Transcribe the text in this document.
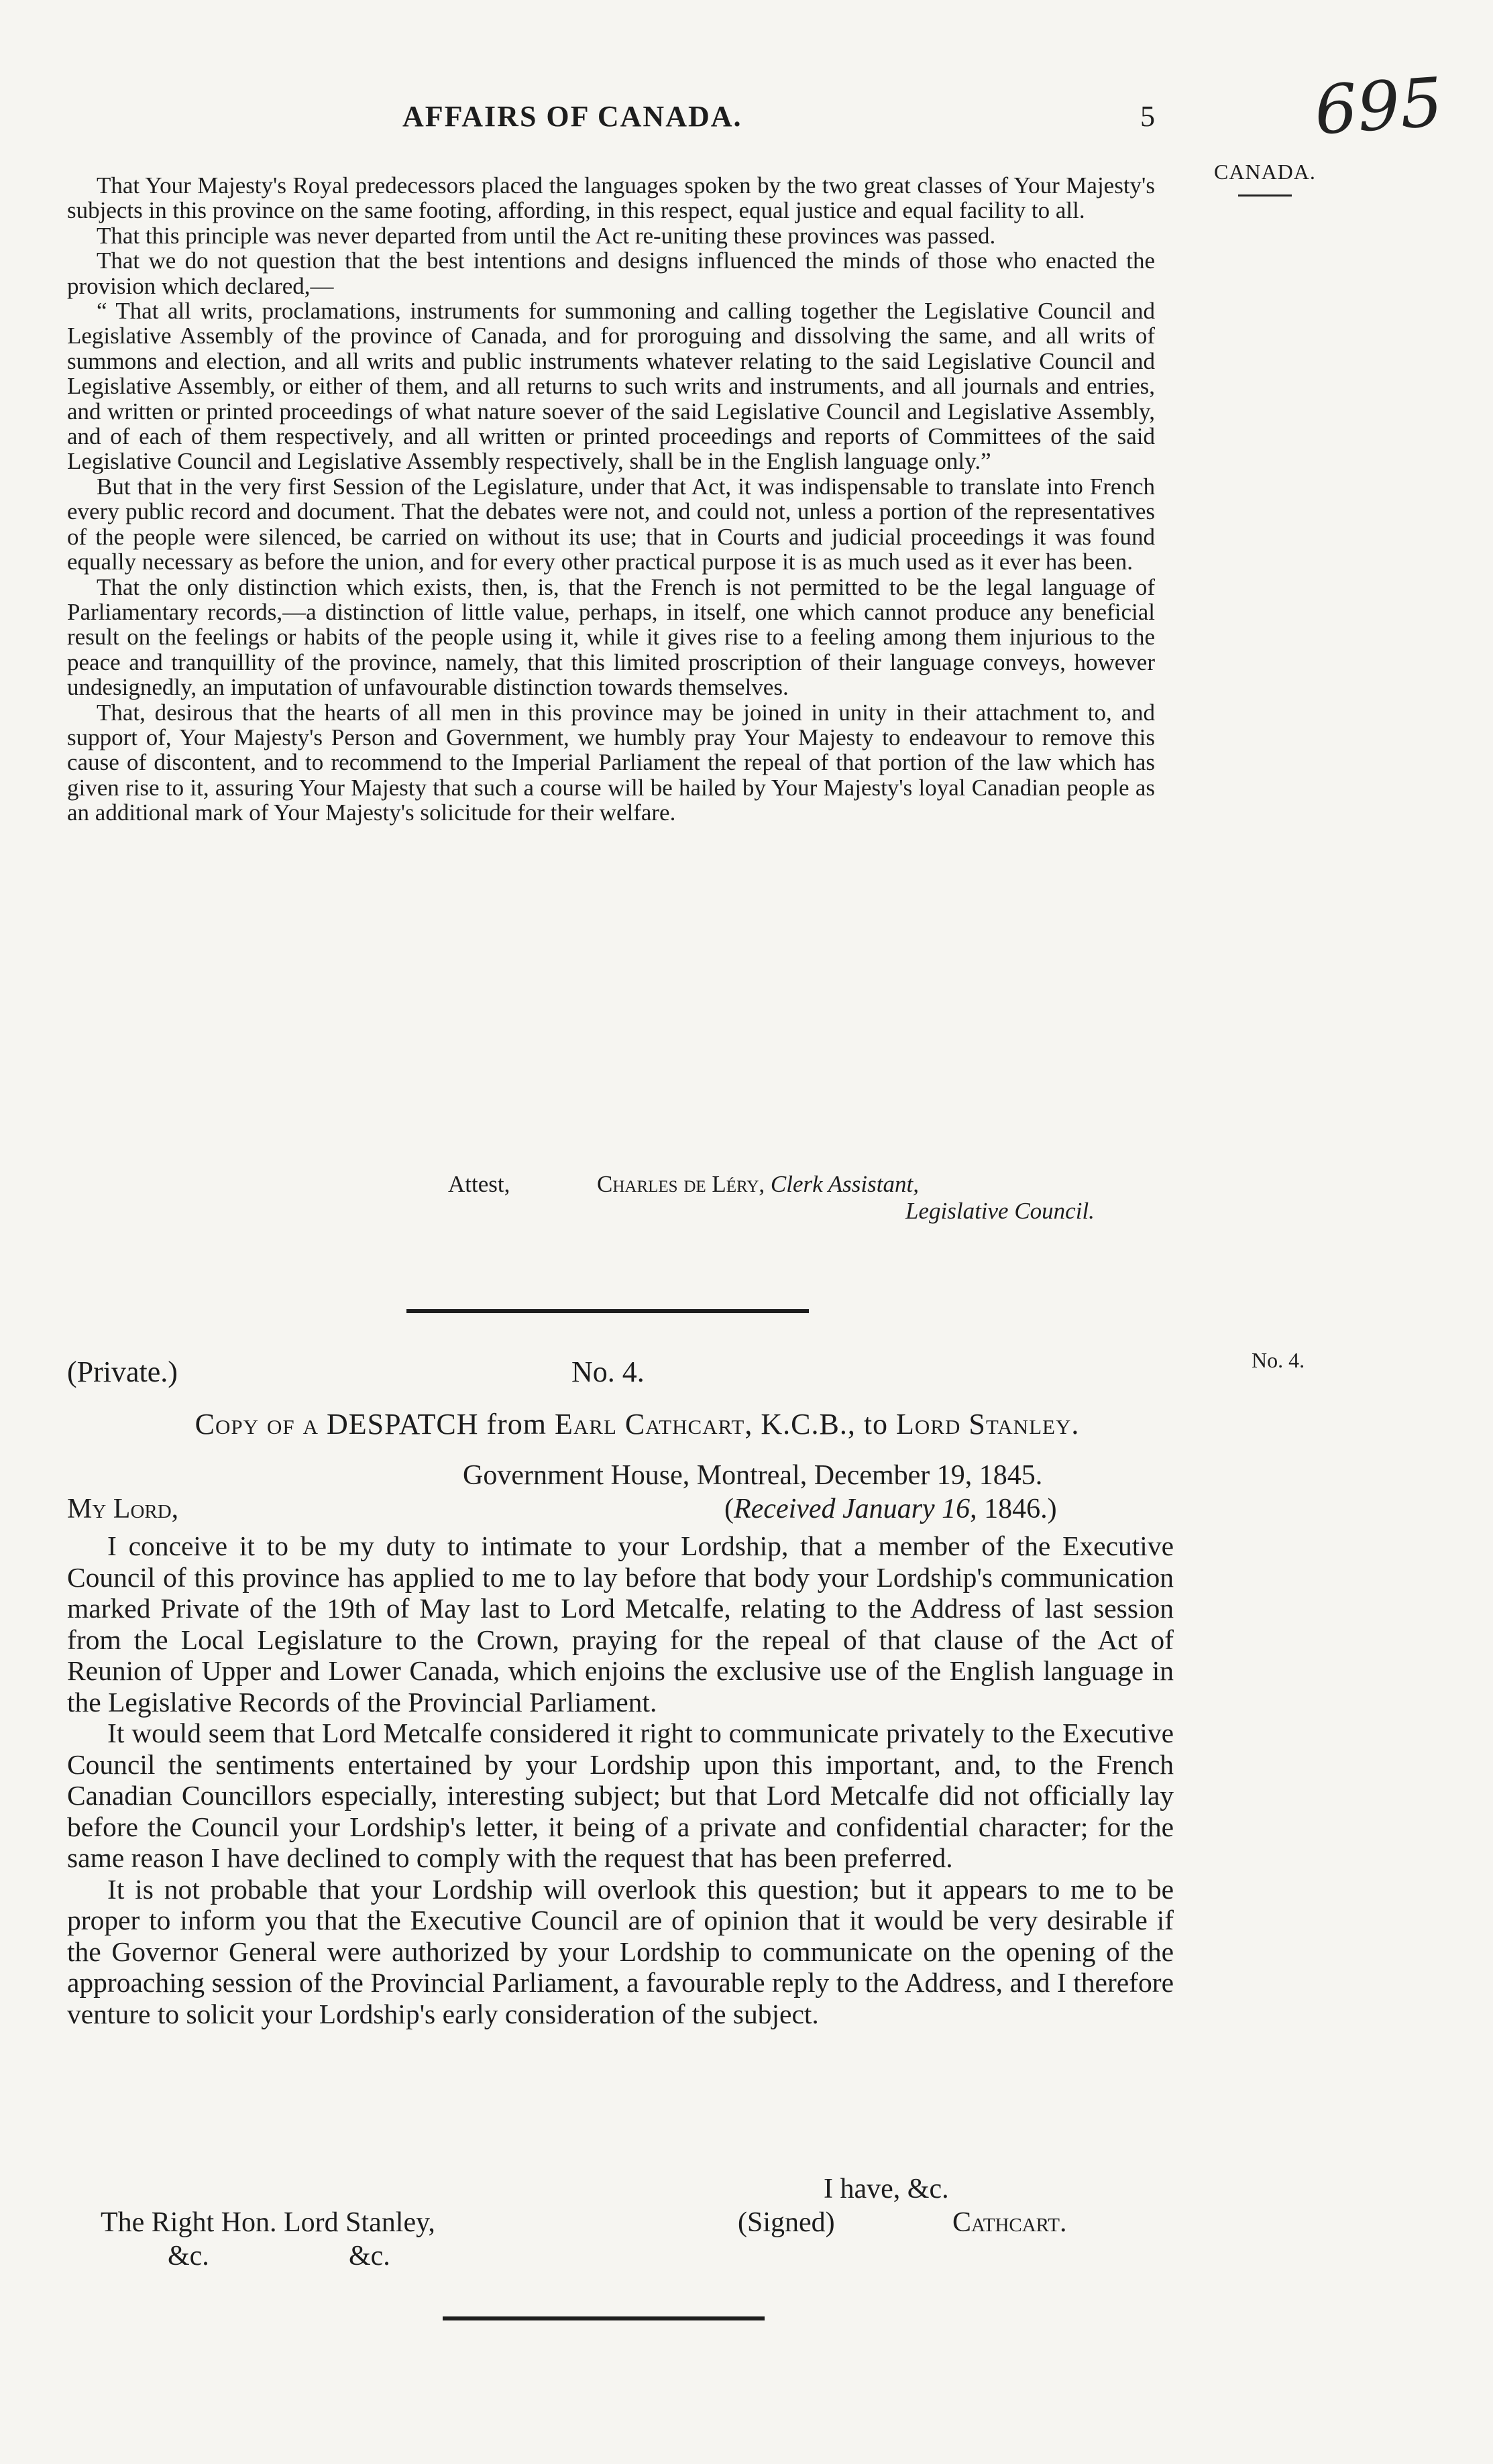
AFFAIRS OF CANADA.	5 695
CANADA.
No. 4.

That Your Majesty's Royal predecessors placed the languages spoken by the two great classes of Your Majesty's subjects in this province on the same footing, affording, in this respect, equal justice and equal facility to all.

That this principle was never departed from until the Act re-uniting these provinces was passed.

That we do not question that the best intentions and designs influenced the minds of those who enacted the provision which declared,—

“ That all writs, proclamations, instruments for summoning and calling together the Legislative Council and Legislative Assembly of the province of Canada, and for proroguing and dissolving the same, and all writs of summons and election, and all writs and public instruments whatever relating to the said Legislative Council and Legislative Assembly, or either of them, and all returns to such writs and instruments, and all journals and entries, and written or printed proceedings of what nature soever of the said Legislative Council and Legislative Assembly, and of each of them respectively, and all written or printed proceedings and reports of Committees of the said Legislative Council and Legislative Assembly respectively, shall be in the English language only.”

But that in the very first Session of the Legislature, under that Act, it was indispensable to translate into French every public record and document. That the debates were not, and could not, unless a portion of the representatives of the people were silenced, be carried on without its use; that in Courts and judicial proceedings it was found equally necessary as before the union, and for every other practical purpose it is as much used as it ever has been.

That the only distinction which exists, then, is, that the French is not permitted to be the legal language of Parliamentary records,—a distinction of little value, perhaps, in itself, one which cannot produce any beneficial result on the feelings or habits of the people using it, while it gives rise to a feeling among them injurious to the peace and tranquillity of the province, namely, that this limited proscription of their language conveys, however undesignedly, an imputation of unfavourable distinction towards themselves.

That, desirous that the hearts of all men in this province may be joined in unity in their attachment to, and support of, Your Majesty's Person and Government, we humbly pray Your Majesty to endeavour to remove this cause of discontent, and to recommend to the Imperial Parliament the repeal of that portion of the law which has given rise to it, assuring Your Majesty that such a course will be hailed by Your Majesty's loyal Canadian people as an additional mark of Your Majesty's solicitude for their welfare.

Attest,	Charles de Léry, Clerk Assistant,
Legislative Council.
(Private.)	No. 4.
Copy of a DESPATCH from Earl Cathcart, K.C.B., to Lord Stanley.
Government House, Montreal, December 19, 1845.
My Lord,	(Received January 16, 1846.)

I conceive it to be my duty to intimate to your Lordship, that a member of the Executive Council of this province has applied to me to lay before that body your Lordship's communication marked Private of the 19th of May last to Lord Metcalfe, relating to the Address of last session from the Local Legislature to the Crown, praying for the repeal of that clause of the Act of Reunion of Upper and Lower Canada, which enjoins the exclusive use of the English language in the Legislative Records of the Provincial Parliament.

It would seem that Lord Metcalfe considered it right to communicate privately to the Executive Council the sentiments entertained by your Lordship upon this important, and, to the French Canadian Councillors especially, interesting subject; but that Lord Metcalfe did not officially lay before the Council your Lordship's letter, it being of a private and confidential character; for the same reason I have declined to comply with the request that has been preferred.

It is not probable that your Lordship will overlook this question; but it appears to me to be proper to inform you that the Executive Council are of opinion that it would be very desirable if the Governor General were authorized by your Lordship to communicate on the opening of the approaching session of the Provincial Parliament, a favourable reply to the Address, and I therefore venture to solicit your Lordship's early consideration of the subject.

I have, &c.
The Right Hon. Lord Stanley,	(Signed)	Cathcart.
&c.	&c.
